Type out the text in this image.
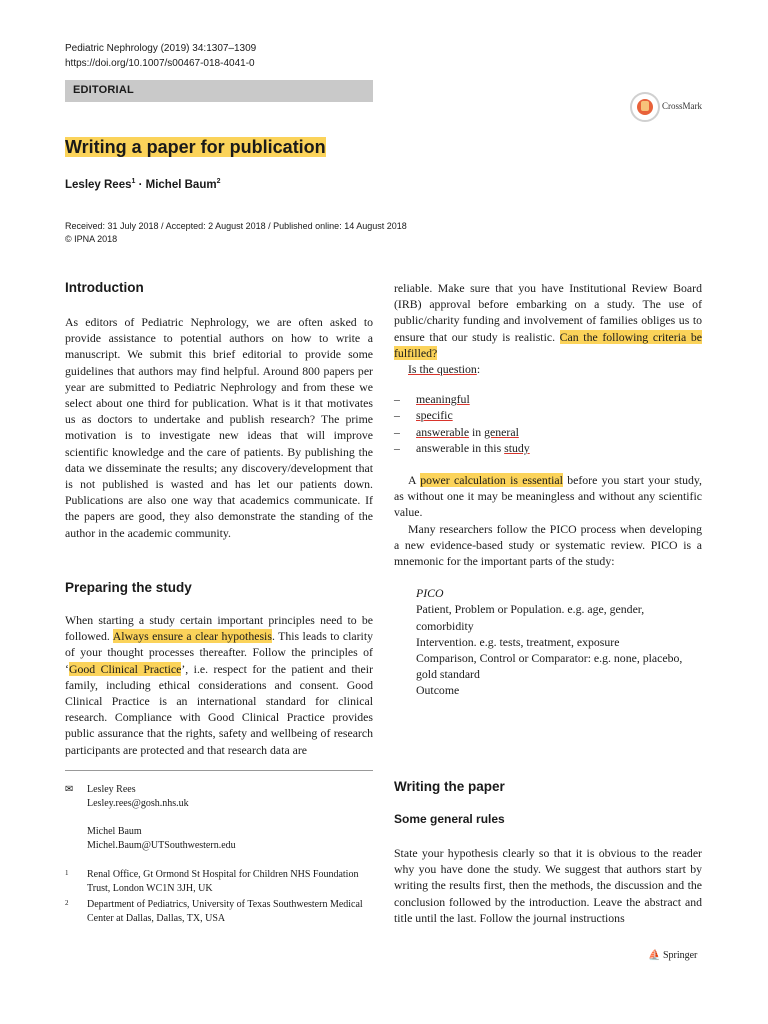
Pediatric Nephrology (2019) 34:1307–1309
https://doi.org/10.1007/s00467-018-4041-0
EDITORIAL
CrossMark
Writing a paper for publication
Lesley Rees$^1$ · Michel Baum$^2$
Received: 31 July 2018 / Accepted: 2 August 2018 / Published online: 14 August 2018
© IPNA 2018
Introduction

As editors of Pediatric Nephrology, we are often asked to provide assistance to potential authors on how to write a manuscript. We submit this brief editorial to provide some guidelines that authors may find helpful. Around 800 papers per year are submitted to Pediatric Nephrology and from these we select about one third for publication. What is it that motivates us as doctors to undertake and publish research? The prime motivation is to investigate new ideas that will improve scientific knowledge and the care of patients. By publishing the data we disseminate the results; any discovery/development that is not published is wasted and has let our patients down. Publications are also one way that academics communicate. If the papers are good, they also demonstrate the standing of the author in the academic community.

Preparing the study

When starting a study certain important principles need to be followed. Always ensure a clear hypothesis. This leads to clarity of your thought processes thereafter. Follow the principles of ‘Good Clinical Practice’, i.e. respect for the patient and their family, including ethical considerations and consent. Good Clinical Practice is an international standard for clinical research. Compliance with Good Clinical Practice provides public assurance that the rights, safety and wellbeing of research participants are protected and that research data are

✉ Lesley Rees
Lesley.rees@gosh.nhs.uk
Michel Baum
Michel.Baum@UTSouthwestern.edu
1 Renal Office, Gt Ormond St Hospital for Children NHS Foundation Trust, London WC1N 3JH, UK
2 Department of Pediatrics, University of Texas Southwestern Medical Center at Dallas, Dallas, TX, USA

reliable. Make sure that you have Institutional Review Board (IRB) approval before embarking on a study. The use of public/charity funding and involvement of families obliges us to ensure that our study is realistic. Can the following criteria be fulfilled?

Is the question:

– meaningful
– specific
– answerable in general
– answerable in this study

A power calculation is essential before you start your study, as without one it may be meaningless and without any scientific value.

Many researchers follow the PICO process when developing a new evidence-based study or systematic review. PICO is a mnemonic for the important parts of the study:

PICO
Patient, Problem or Population. e.g. age, gender, comorbidity
Intervention. e.g. tests, treatment, exposure
Comparison, Control or Comparator: e.g. none, placebo, gold standard
Outcome
Writing the paper
Some general rules

State your hypothesis clearly so that it is obvious to the reader why you have done the study. We suggest that authors start by writing the results first, then the methods, the discussion and the conclusion followed by the introduction. Leave the abstract and title until the last. Follow the journal instructions

⛵ Springer
